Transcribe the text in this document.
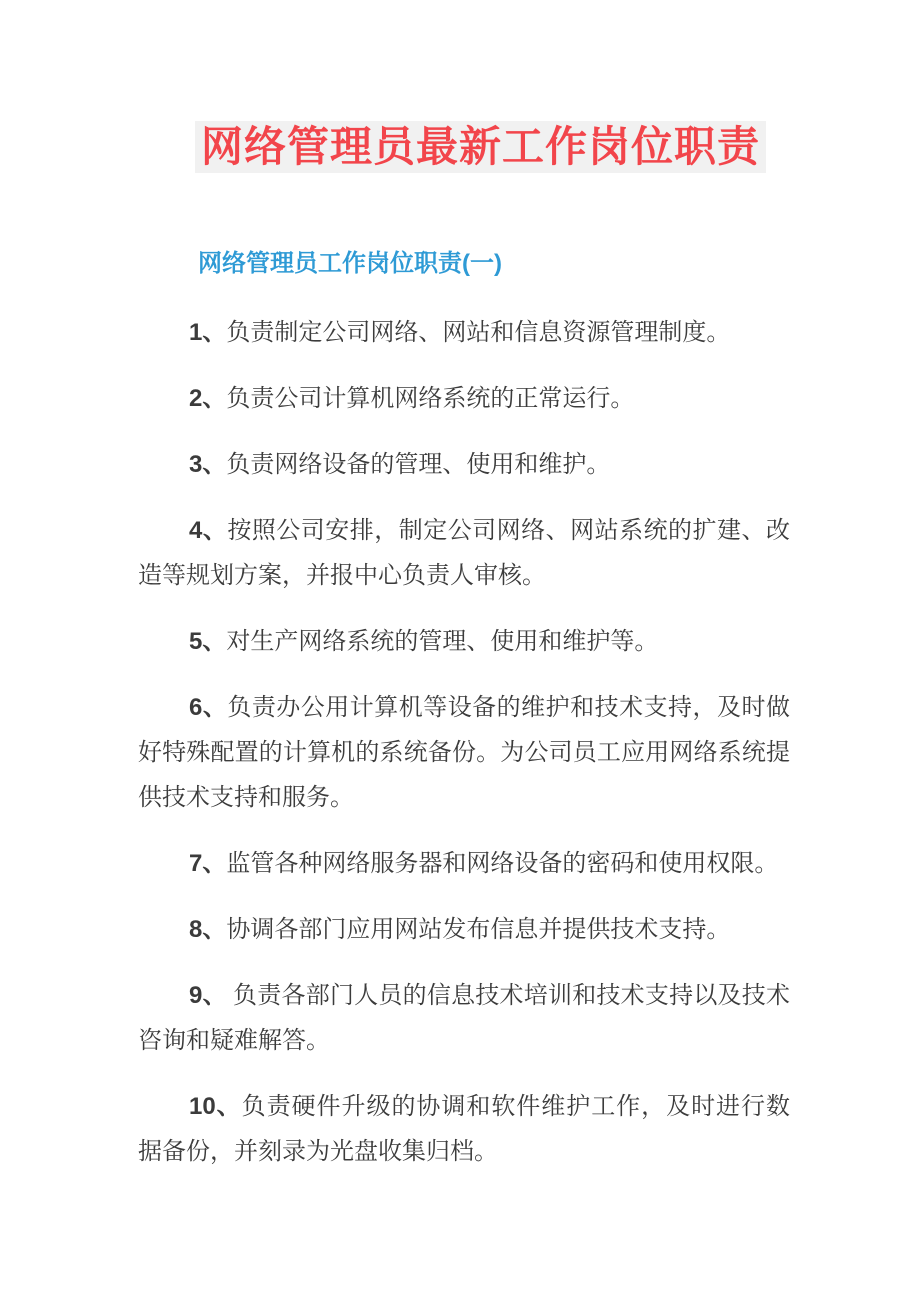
网络管理员最新工作岗位职责
网络管理员工作岗位职责(一)

1、负责制定公司网络、网站和信息资源管理制度。

2、负责公司计算机网络系统的正常运行。

3、负责网络设备的管理、使用和维护。

4、按照公司安排，制定公司网络、网站系统的扩建、改造等规划方案，并报中心负责人审核。

5、对生产网络系统的管理、使用和维护等。

6、负责办公用计算机等设备的维护和技术支持，及时做好特殊配置的计算机的系统备份。为公司员工应用网络系统提供技术支持和服务。

7、监管各种网络服务器和网络设备的密码和使用权限。

8、协调各部门应用网站发布信息并提供技术支持。

9、 负责各部门人员的信息技术培训和技术支持以及技术咨询和疑难解答。

10、负责硬件升级的协调和软件维护工作，及时进行数据备份，并刻录为光盘收集归档。
